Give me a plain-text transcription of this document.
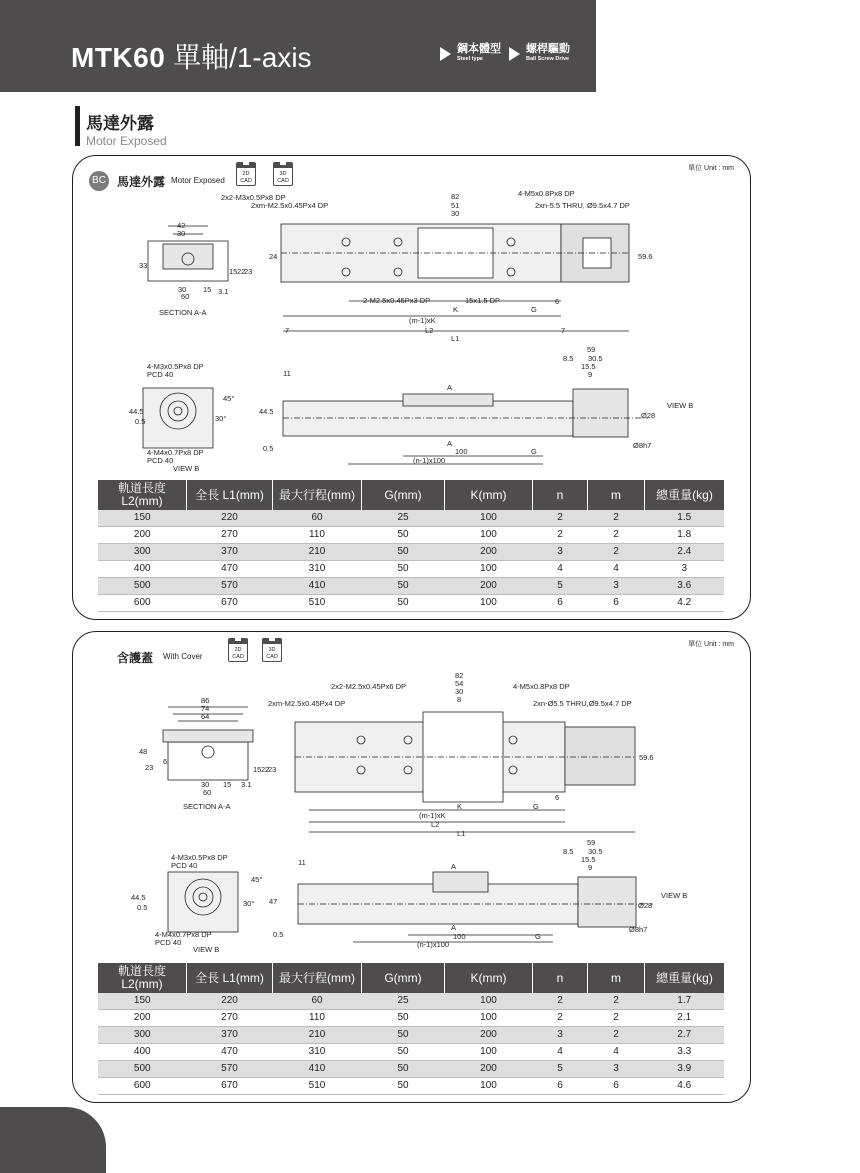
MTK60 單軸/1-axis	鋼本體型
Steel type
螺桿驅動
Ball Screw Drive
馬達外露
Motor Exposed
單位 Unit : mm
BC 馬達外露 Motor Exposed
2D CAD
3D CAD
2x2-M3x0.5Px8 DP
2xm-M2.5x0.45Px4 DP
82
51
30
4-M5x0.8Px8 DP
2xn-5.5 THRU, Ø9.5x4.7 DP
24	59.6
2-M2.5x0.45Px3 DP	15x1.5 DP
K	G
6
(m-1)xK
L2
7	7
L1
42
30
33
30 15
60
3.1
15 22
23
SECTION A-A
4-M3x0.5Px8 DP
PCD 40
4-M4x0.7Px8 DP
PCD 40
44.5
0.5
45°
30°
VIEW B
11
44.5
0.5
A
A
100	G
(n-1)x100
59
8.5 30.5
15.5
9
VIEW B
Ø28
Ø8h7
軌道長度 L2(mm)	全長 L1(mm)	最大行程(mm)	G(mm)	K(mm)	n	m	總重量(kg)
150	220	60	25	100	2	2	1.5
200	270	110	50	100	2	2	1.8
300	370	210	50	200	3	2	2.4
400	470	310	50	100	4	4	3
500	570	410	50	200	5	3	3.6
600	670	510	50	100	6	6	4.2
單位 Unit : mm
含護蓋 With Cover
2D CAD
3D CAD
2x2-M2.5x0.45Px6 DP
2xm-M2.5x0.45Px4 DP
82
54
30
8
4-M5x0.8Px8 DP
2xn-Ø5.5 THRU,Ø9.5x4.7 DP
59.6
K	G
6
(m-1)xK
L2
L1
86
74
64
48
6
23
30 15
60
3.1
15 22
23
SECTION A-A
4-M3x0.5Px8 DP
PCD 40
4-M4x0.7Px8 DP
PCD 40
44.5
0.5
45°
30°
VIEW B
11
47
0.5
A
A
100	G
(n-1)x100
59
8.5 30.5
15.5
9
VIEW B
Ø28
Ø8h7
軌道長度 L2(mm)	全長 L1(mm)	最大行程(mm)	G(mm)	K(mm)	n	m	總重量(kg)
150	220	60	25	100	2	2	1.7
200	270	110	50	100	2	2	2.1
300	370	210	50	200	3	2	2.7
400	470	310	50	100	4	4	3.3
500	570	410	50	200	5	3	3.9
600	670	510	50	100	6	6	4.6
